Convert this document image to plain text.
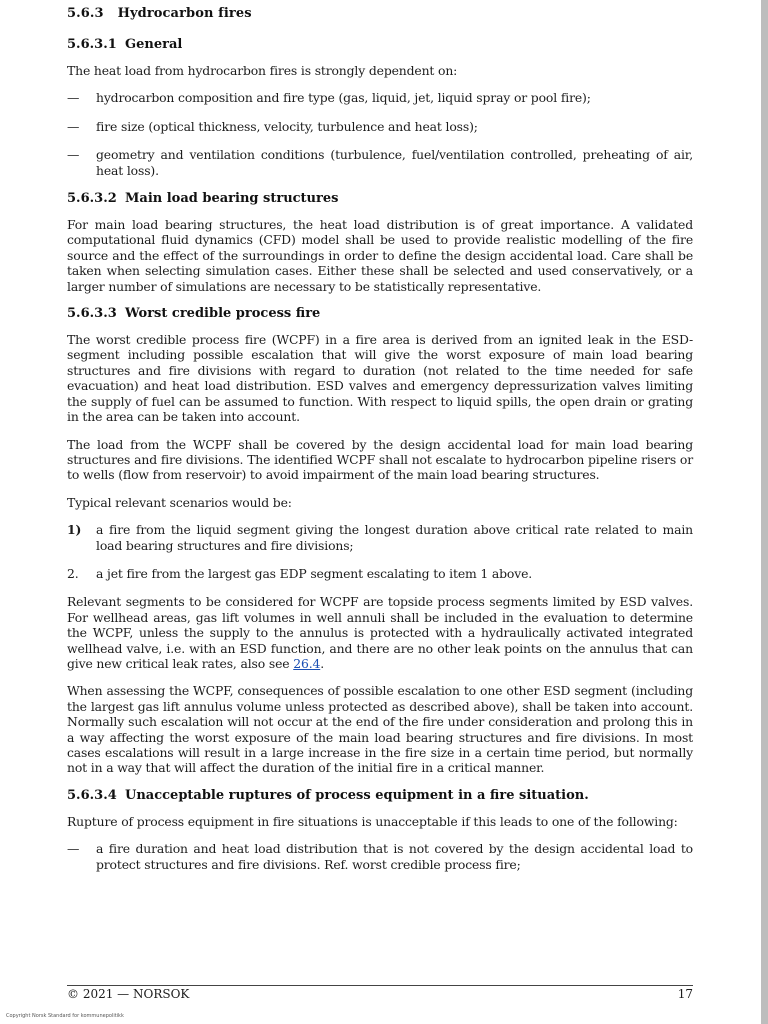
5.6.3 Hydrocarbon fires
5.6.3.1 General

The heat load from hydrocarbon fires is strongly dependent on:

—	hydrocarbon composition and fire type (gas, liquid, jet, liquid spray or pool fire);
—	fire size (optical thickness, velocity, turbulence and heat loss);
—	geometry and ventilation conditions (turbulence, fuel/ventilation controlled, preheating of air, heat loss).
5.6.3.2 Main load bearing structures

For main load bearing structures, the heat load distribution is of great importance. A validated computational fluid dynamics (CFD) model shall be used to provide realistic modelling of the fire source and the effect of the surroundings in order to define the design accidental load. Care shall be taken when selecting simulation cases. Either these shall be selected and used conservatively, or a larger number of simulations are necessary to be statistically representative.

5.6.3.3 Worst credible process fire

The worst credible process fire (WCPF) in a fire area is derived from an ignited leak in the ESD-segment including possible escalation that will give the worst exposure of main load bearing structures and fire divisions with regard to duration (not related to the time needed for safe evacuation) and heat load distribution. ESD valves and emergency depressurization valves limiting the supply of fuel can be assumed to function. With respect to liquid spills, the open drain or grating in the area can be taken into account.

The load from the WCPF shall be covered by the design accidental load for main load bearing structures and fire divisions. The identified WCPF shall not escalate to hydrocarbon pipeline risers or to wells (flow from reservoir) to avoid impairment of the main load bearing structures.

Typical relevant scenarios would be:

1)	a fire from the liquid segment giving the longest duration above critical rate related to main load bearing structures and fire divisions;
2.	a jet fire from the largest gas EDP segment escalating to item 1 above.

Relevant segments to be considered for WCPF are topside process segments limited by ESD valves. For wellhead areas, gas lift volumes in well annuli shall be included in the evaluation to determine the WCPF, unless the supply to the annulus is protected with a hydraulically activated integrated wellhead valve, i.e. with an ESD function, and there are no other leak points on the annulus that can give new critical leak rates, also see 26.4.

When assessing the WCPF, consequences of possible escalation to one other ESD segment (including the largest gas lift annulus volume unless protected as described above), shall be taken into account. Normally such escalation will not occur at the end of the fire under consideration and prolong this in a way affecting the worst exposure of the main load bearing structures and fire divisions. In most cases escalations will result in a large increase in the fire size in a certain time period, but normally not in a way that will affect the duration of the initial fire in a critical manner.

5.6.3.4 Unacceptable ruptures of process equipment in a fire situation.

Rupture of process equipment in fire situations is unacceptable if this leads to one of the following:

—	a fire duration and heat load distribution that is not covered by the design accidental load to protect structures and fire divisions. Ref. worst credible process fire;
© 2021 — NORSOK	17
Copyright Norsk Standard for kommunepolitikk
